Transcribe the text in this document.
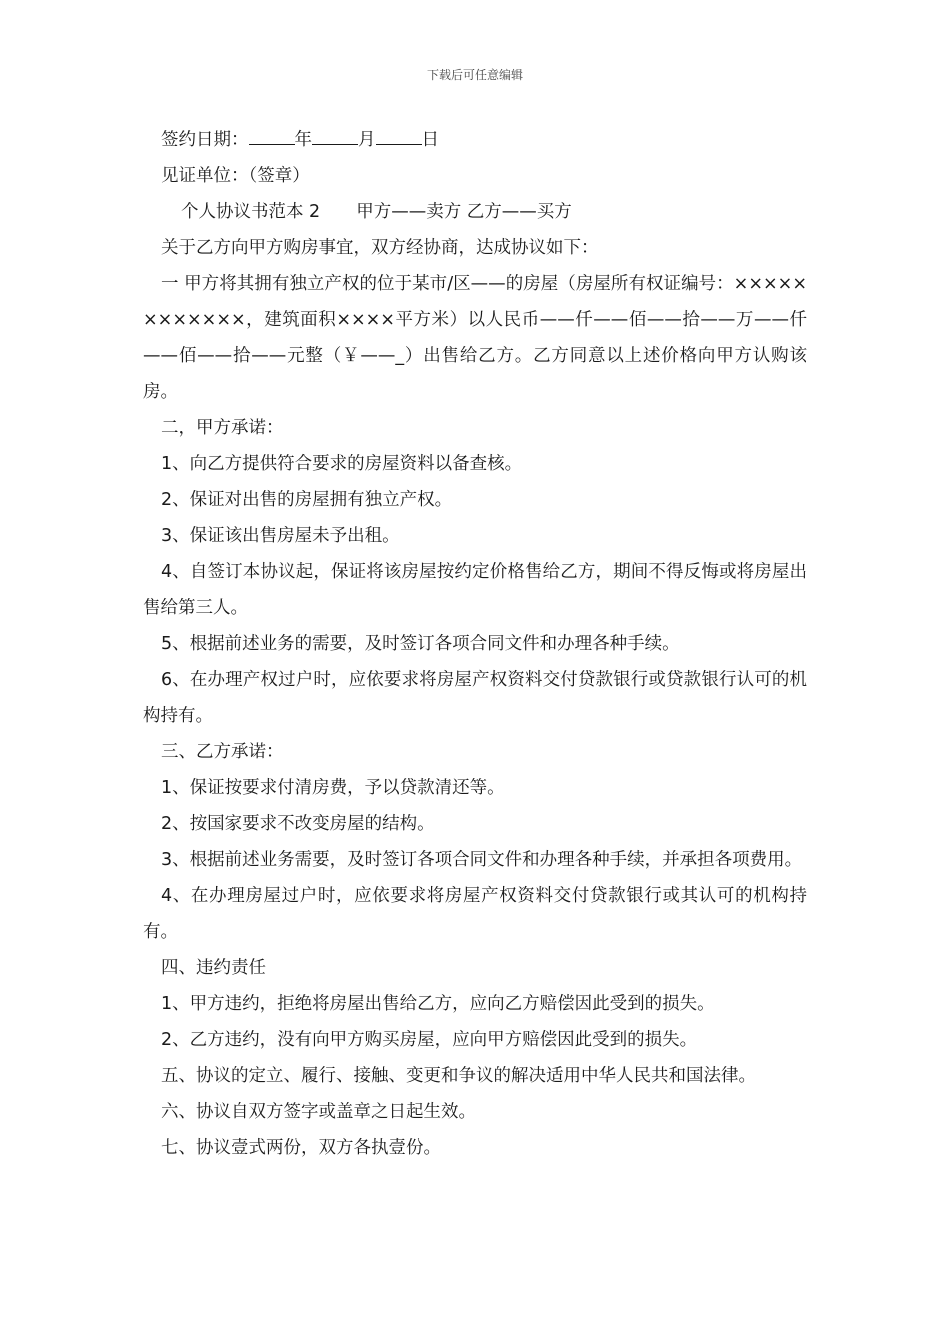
下载后可任意编辑

签约日期：	年	月	日

见证单位：（签章）

个人协议书范本 2 甲方——卖方 乙方——买方

关于乙方向甲方购房事宜，双方经协商，达成协议如下：

一 甲方将其拥有独立产权的位于某市/区——的房屋（房屋所有权证编号：××××××××××××，建筑面积××××平方米）以人民币——仟——佰——拾——万——仟——佰——拾——元整（￥——_）出售给乙方。乙方同意以上述价格向甲方认购该房。

二，甲方承诺：

1、向乙方提供符合要求的房屋资料以备查核。

2、保证对出售的房屋拥有独立产权。

3、保证该出售房屋未予出租。

4、自签订本协议起，保证将该房屋按约定价格售给乙方，期间不得反悔或将房屋出售给第三人。

5、根据前述业务的需要，及时签订各项合同文件和办理各种手续。

6、在办理产权过户时，应依要求将房屋产权资料交付贷款银行或贷款银行认可的机构持有。

三、乙方承诺：

1、保证按要求付清房费，予以贷款清还等。

2、按国家要求不改变房屋的结构。

3、根据前述业务需要，及时签订各项合同文件和办理各种手续，并承担各项费用。

4、在办理房屋过户时，应依要求将房屋产权资料交付贷款银行或其认可的机构持有。

四、违约责任

1、甲方违约，拒绝将房屋出售给乙方，应向乙方赔偿因此受到的损失。

2、乙方违约，没有向甲方购买房屋，应向甲方赔偿因此受到的损失。

五、协议的定立、履行、接触、变更和争议的解决适用中华人民共和国法律。

六、协议自双方签字或盖章之日起生效。

七、协议壹式两份，双方各执壹份。
